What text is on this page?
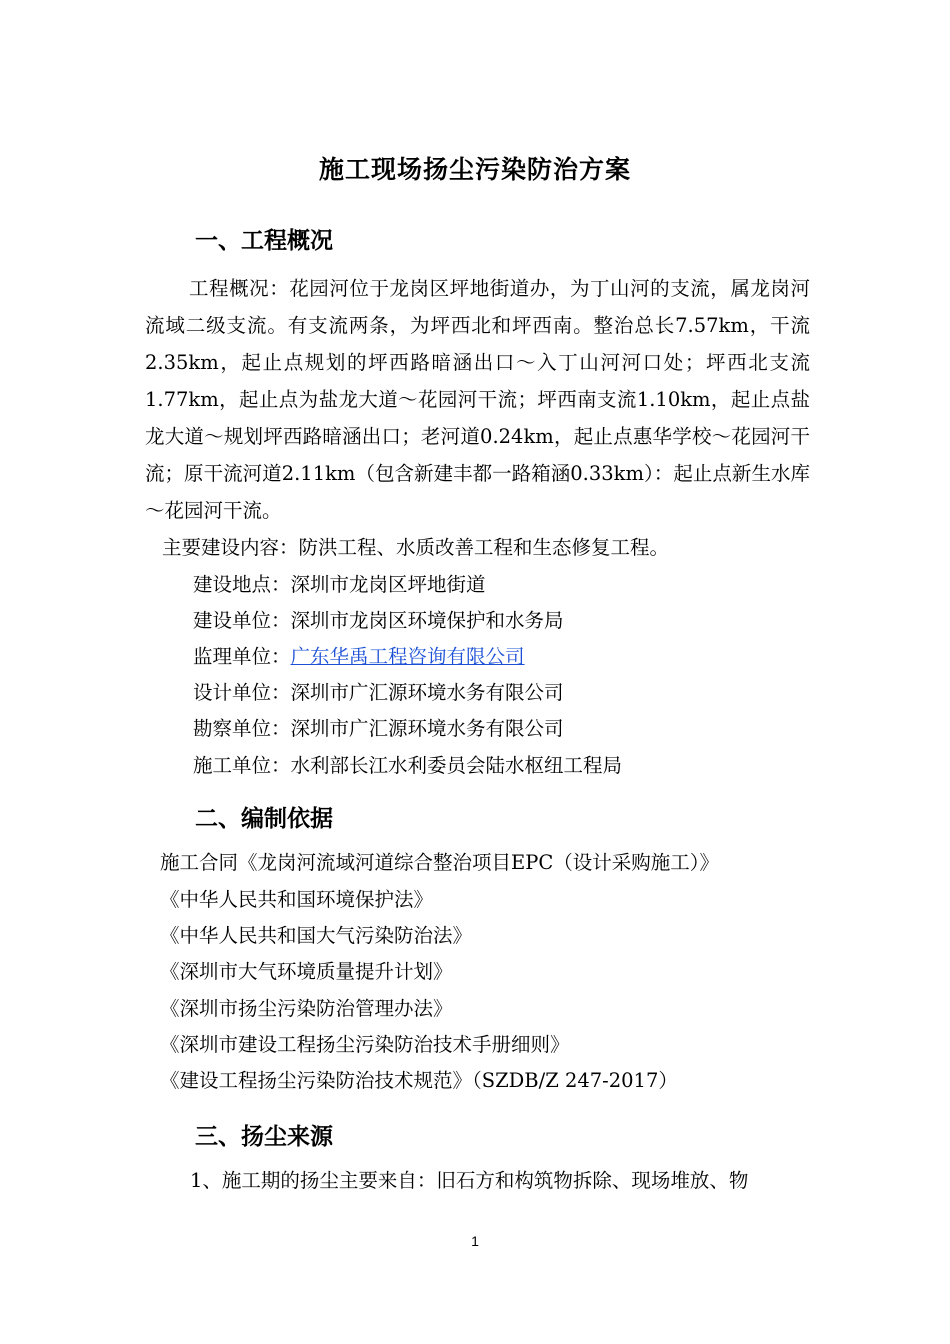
施工现场扬尘污染防治方案
一、工程概况

工程概况：花园河位于龙岗区坪地街道办，为丁山河的支流，属龙岗河流域二级支流。有支流两条，为坪西北和坪西南。整治总长7.57km，干流2.35km，起止点规划的坪西路暗涵出口～入丁山河河口处；坪西北支流1.77km，起止点为盐龙大道～花园河干流；坪西南支流1.10km，起止点盐龙大道～规划坪西路暗涵出口；老河道0.24km，起止点惠华学校～花园河干流；原干流河道2.11km（包含新建丰都一路箱涵0.33km）：起止点新生水库～花园河干流。

主要建设内容：防洪工程、水质改善工程和生态修复工程。
建设地点：深圳市龙岗区坪地街道
建设单位：深圳市龙岗区环境保护和水务局
监理单位：广东华禹工程咨询有限公司
设计单位：深圳市广汇源环境水务有限公司
勘察单位：深圳市广汇源环境水务有限公司
施工单位：水利部长江水利委员会陆水枢纽工程局
二、编制依据
施工合同《龙岗河流域河道综合整治项目EPC（设计采购施工）》
《中华人民共和国环境保护法》
《中华人民共和国大气污染防治法》
《深圳市大气环境质量提升计划》
《深圳市扬尘污染防治管理办法》
《深圳市建设工程扬尘污染防治技术手册细则》
《建设工程扬尘污染防治技术规范》（SZDB/Z 247-2017）
三、扬尘来源
1、施工期的扬尘主要来自：旧石方和构筑物拆除、现场堆放、物
1
